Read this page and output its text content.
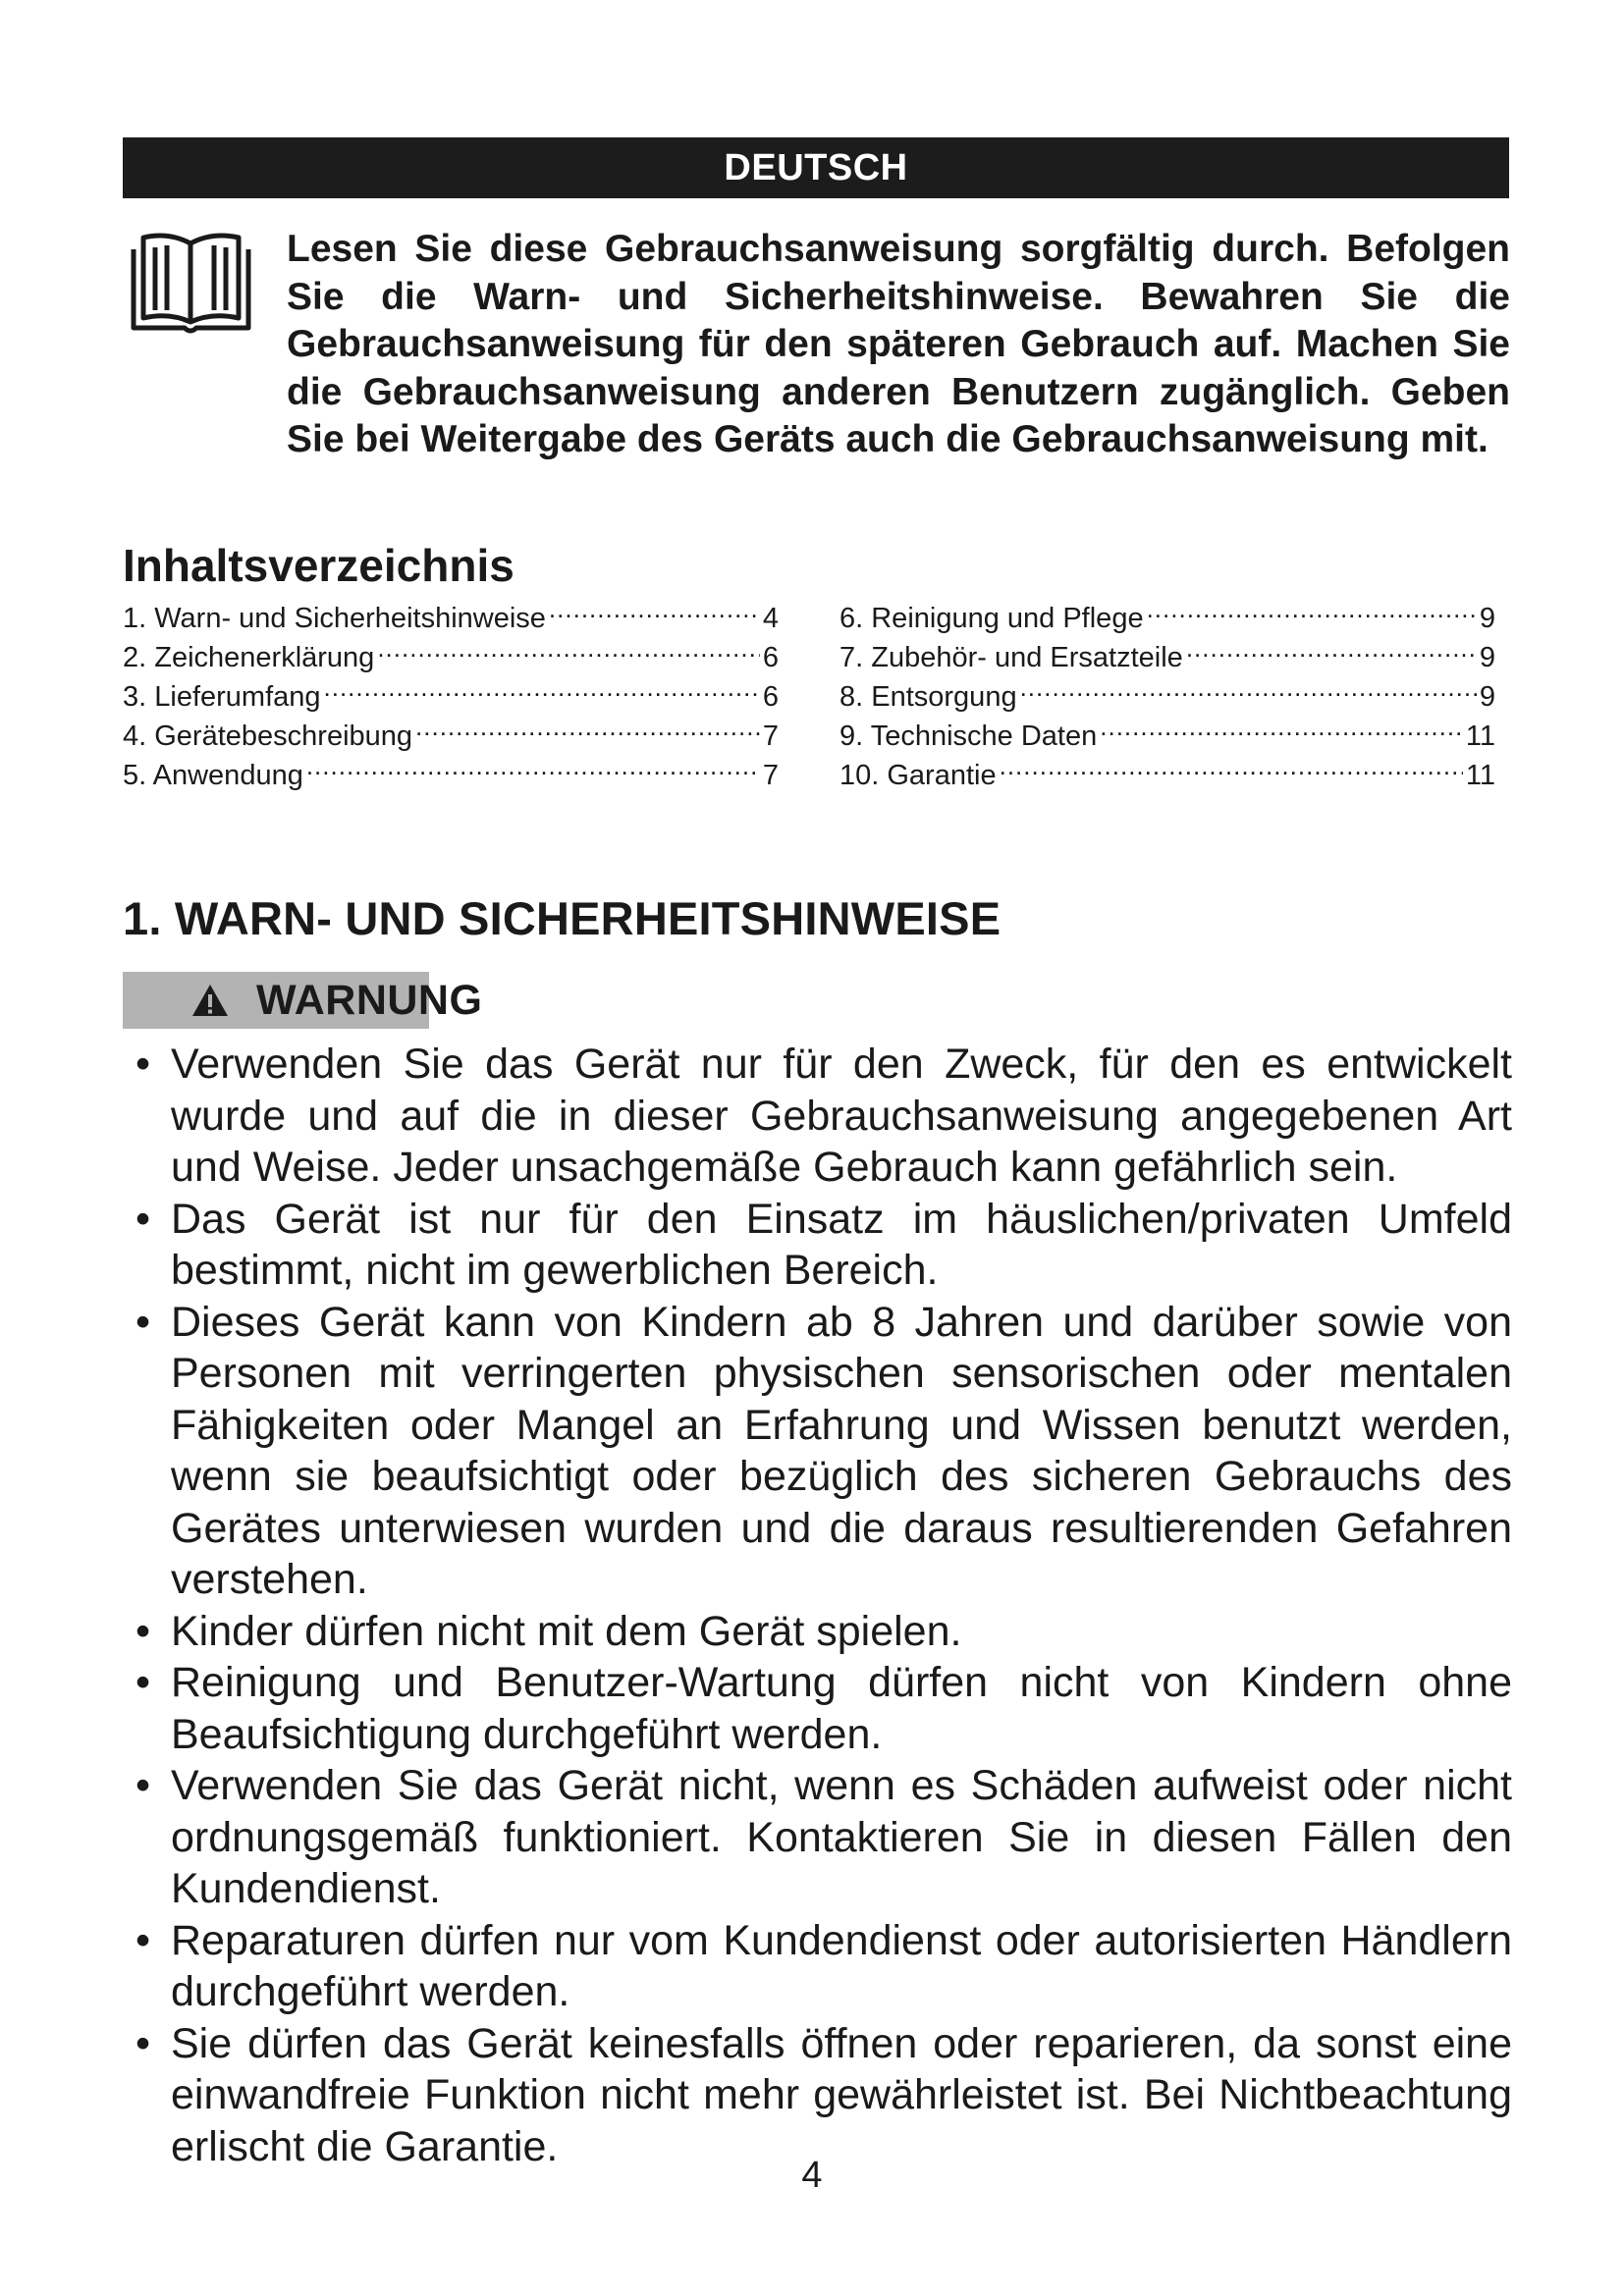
DEUTSCH

Lesen Sie diese Gebrauchsanweisung sorgfältig durch. Befolgen Sie die Warn- und Sicherheitshinweise. Bewahren Sie die Gebrauchsanweisung für den späteren Gebrauch auf. Machen Sie die Gebrauchsanweisung anderen Benutzern zugänglich. Geben Sie bei Weitergabe des Geräts auch die Gebrauchsanweisung mit.

Inhaltsverzeichnis
1. Warn- und Sicherheitshinweise .....	4
2. Zeichenerklärung .....	6
3. Lieferumfang .....	6
4. Gerätebeschreibung .....	7
5. Anwendung .....	7
6. Reinigung und Pflege .....	9
7. Zubehör- und Ersatzteile .....	9
8. Entsorgung .....	9
9. Technische Daten .....	11
10. Garantie .....	11
1. WARN- UND SICHERHEITSHINWEISE
WARNUNG
• Verwenden Sie das Gerät nur für den Zweck, für den es entwickelt wurde und auf die in dieser Gebrauchsanweisung angegebenen Art und Weise. Jeder unsachgemäße Gebrauch kann gefährlich sein.
• Das Gerät ist nur für den Einsatz im häuslichen/privaten Umfeld bestimmt, nicht im gewerblichen Bereich.
• Dieses Gerät kann von Kindern ab 8 Jahren und darüber sowie von Personen mit verringerten physischen sensorischen oder mentalen Fähigkeiten oder Mangel an Erfahrung und Wissen benutzt werden, wenn sie beaufsichtigt oder bezüglich des sicheren Gebrauchs des Gerätes unterwiesen wurden und die daraus resultierenden Gefahren verstehen.
• Kinder dürfen nicht mit dem Gerät spielen.
• Reinigung und Benutzer-Wartung dürfen nicht von Kindern ohne Beaufsichtigung durchgeführt werden.
• Verwenden Sie das Gerät nicht, wenn es Schäden aufweist oder nicht ordnungsgemäß funktioniert. Kontaktieren Sie in diesen Fällen den Kundendienst.
• Reparaturen dürfen nur vom Kundendienst oder autorisierten Händlern durchgeführt werden.
• Sie dürfen das Gerät keinesfalls öffnen oder reparieren, da sonst eine einwandfreie Funktion nicht mehr gewährleistet ist. Bei Nichtbeachtung erlischt die Garantie.
4
